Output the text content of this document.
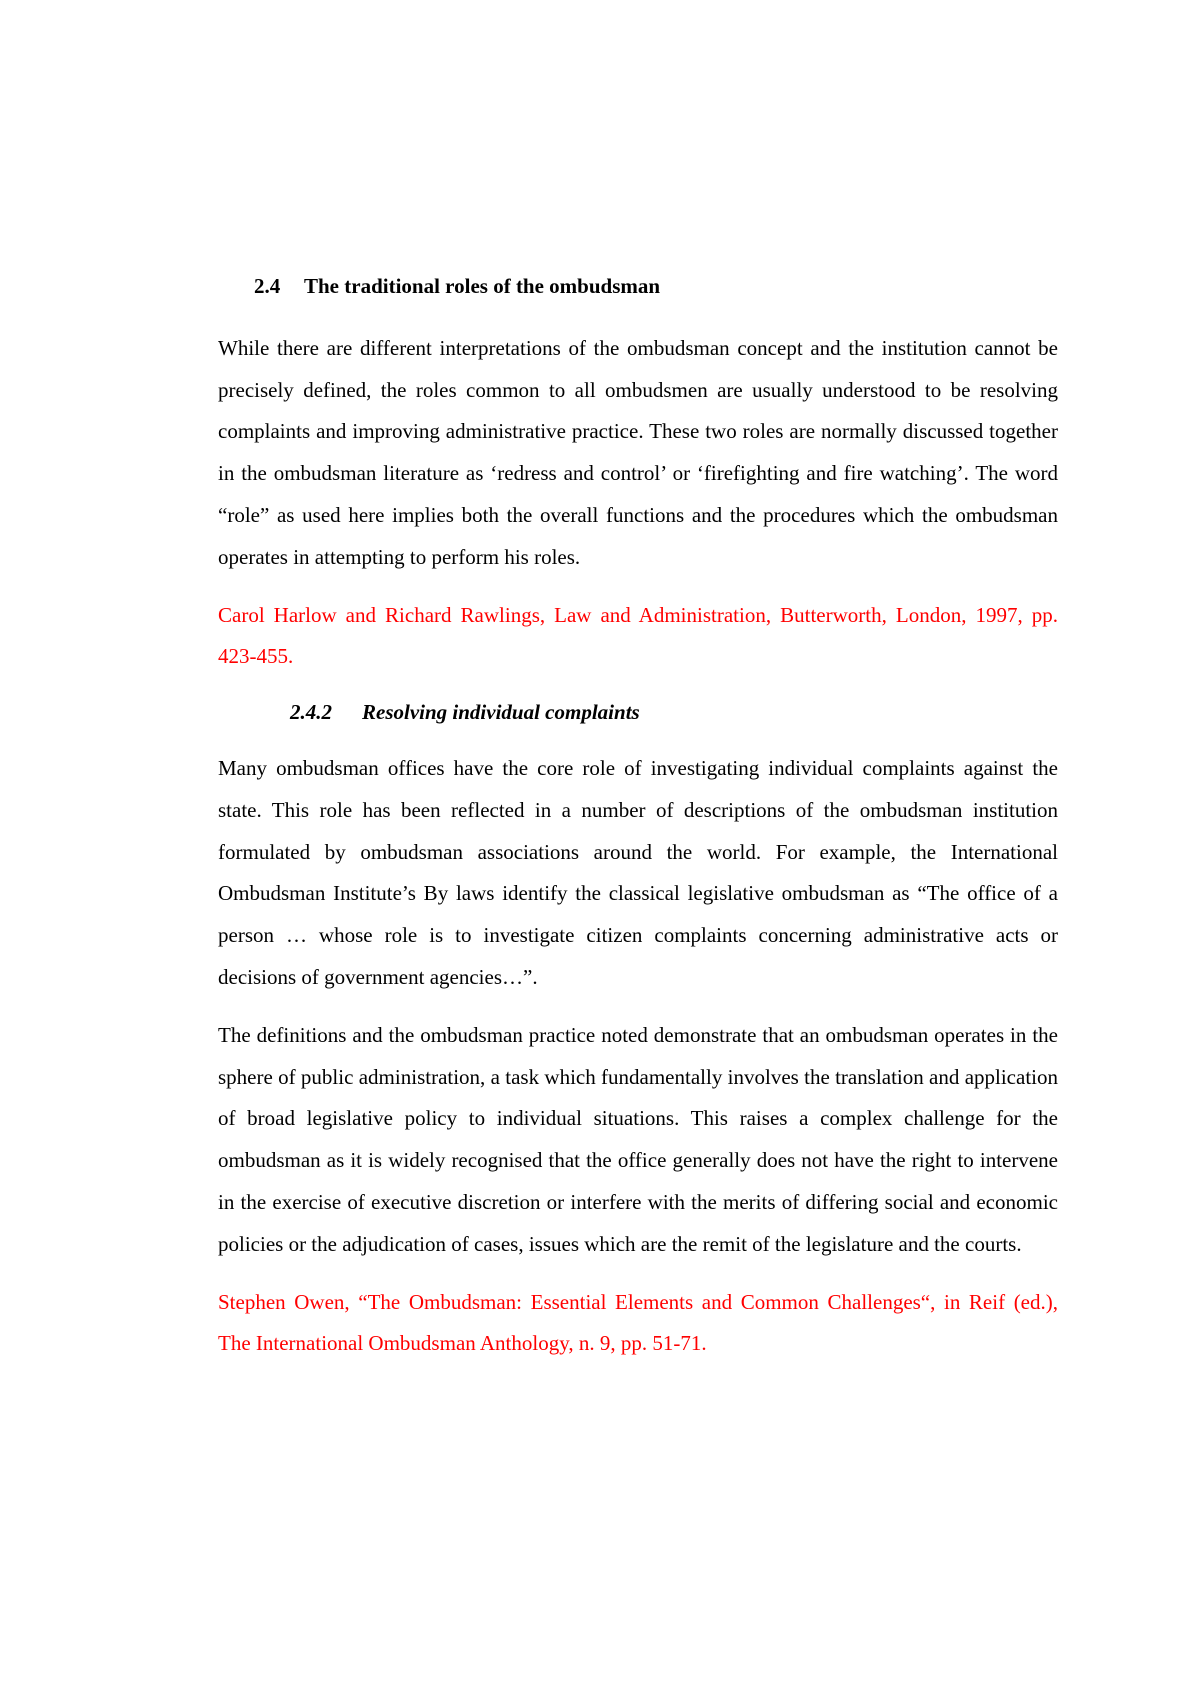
2.4 The traditional roles of the ombudsman

While there are different interpretations of the ombudsman concept and the institution cannot be precisely defined, the roles common to all ombudsmen are usually understood to be resolving complaints and improving administrative practice. These two roles are normally discussed together in the ombudsman literature as ‘redress and control’ or ‘firefighting and fire watching’. The word “role” as used here implies both the overall functions and the procedures which the ombudsman operates in attempting to perform his roles.

Carol Harlow and Richard Rawlings, Law and Administration, Butterworth, London, 1997, pp. 423-455.

2.4.2 Resolving individual complaints

Many ombudsman offices have the core role of investigating individual complaints against the state. This role has been reflected in a number of descriptions of the ombudsman institution formulated by ombudsman associations around the world. For example, the International Ombudsman Institute’s By laws identify the classical legislative ombudsman as “The office of a person … whose role is to investigate citizen complaints concerning administrative acts or decisions of government agencies…”.

The definitions and the ombudsman practice noted demonstrate that an ombudsman operates in the sphere of public administration, a task which fundamentally involves the translation and application of broad legislative policy to individual situations. This raises a complex challenge for the ombudsman as it is widely recognised that the office generally does not have the right to intervene in the exercise of executive discretion or interfere with the merits of differing social and economic policies or the adjudication of cases, issues which are the remit of the legislature and the courts.

Stephen Owen, “The Ombudsman: Essential Elements and Common Challenges“, in Reif (ed.), The International Ombudsman Anthology, n. 9, pp. 51-71.
